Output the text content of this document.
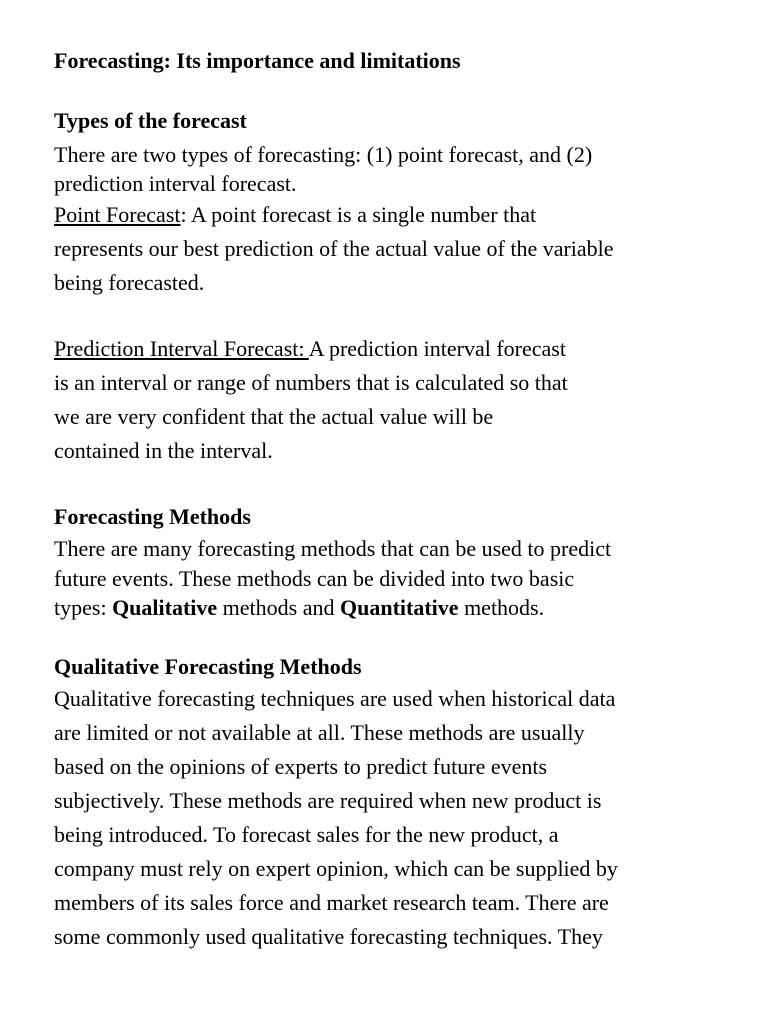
Forecasting: Its importance and limitations
Types of the forecast
There are two types of forecasting: (1) point forecast, and (2)
prediction interval forecast.
Point Forecast: A point forecast is a single number that
represents our best prediction of the actual value of the variable
being forecasted.
Prediction Interval Forecast: A prediction interval forecast
is an interval or range of numbers that is calculated so that
we are very confident that the actual value will be
contained in the interval.
Forecasting Methods
There are many forecasting methods that can be used to predict
future events. These methods can be divided into two basic
types: Qualitative methods and Quantitative methods.
Qualitative Forecasting Methods
Qualitative forecasting techniques are used when historical data
are limited or not available at all. These methods are usually
based on the opinions of experts to predict future events
subjectively. These methods are required when new product is
being introduced. To forecast sales for the new product, a
company must rely on expert opinion, which can be supplied by
members of its sales force and market research team. There are
some commonly used qualitative forecasting techniques. They
